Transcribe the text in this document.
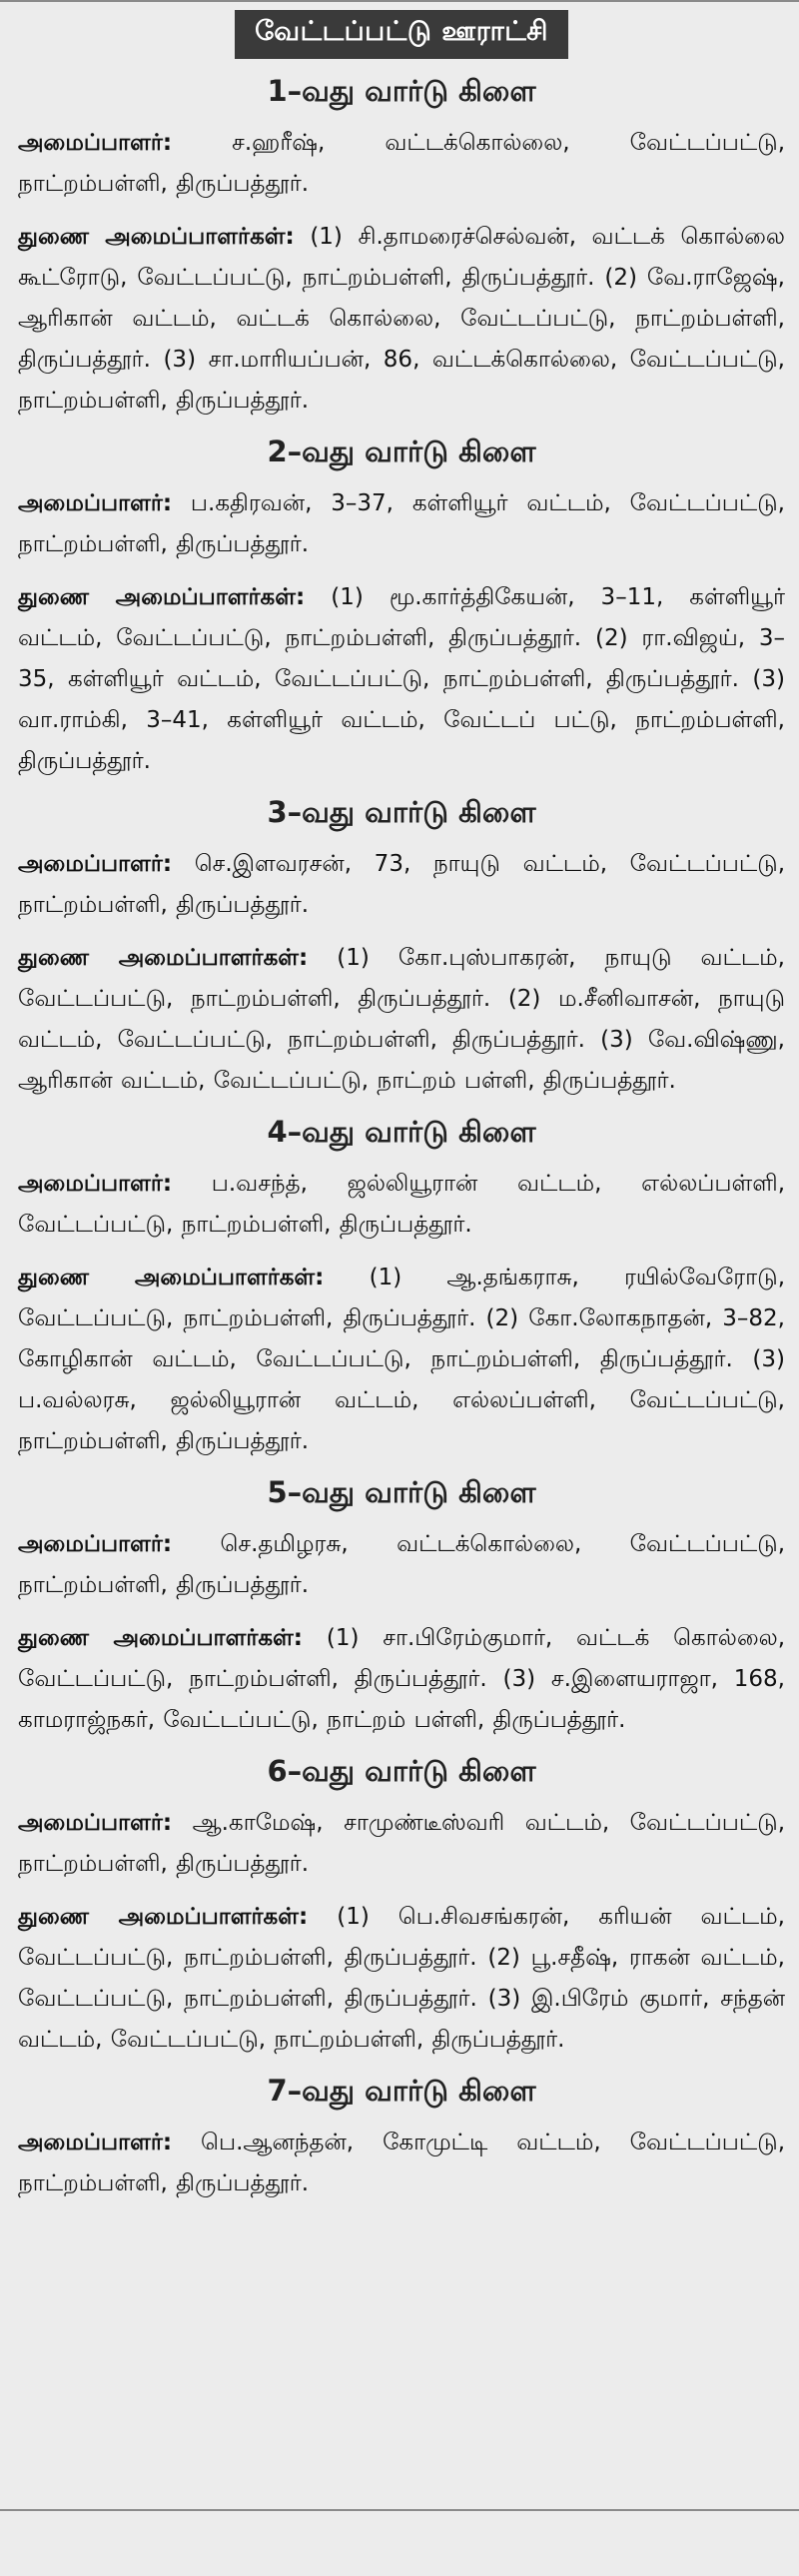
வேட்டப்பட்டு ஊராட்சி
1–வது வார்டு கிளை

அமைப்பாளர்:	ச.ஹரீஷ், வட்டக்கொல்லை, வேட்டப்பட்டு, நாட்றம்பள்ளி, திருப்பத்தூர்.

துணை அமைப்பாளர்கள்: (1) சி.தாமரைச்செல்வன், வட்டக் கொல்லை கூட்ரோடு, வேட்டப்பட்டு, நாட்றம்பள்ளி, திருப்பத்தூர். (2) வே.ராஜேஷ், ஆரிகான் வட்டம், வட்டக் கொல்லை, வேட்டப்பட்டு, நாட்றம்பள்ளி, திருப்பத்தூர். (3) சா.மாரியப்பன், 86, வட்டக்கொல்லை, வேட்டப்பட்டு, நாட்றம்பள்ளி, திருப்பத்தூர்.

2–வது வார்டு கிளை

அமைப்பாளர்: ப.கதிரவன், 3–37, கள்ளியூர் வட்டம், வேட்டப்பட்டு, நாட்றம்பள்ளி, திருப்பத்தூர்.

துணை அமைப்பாளர்கள்: (1) மூ.கார்த்திகேயன், 3–11, கள்ளியூர் வட்டம், வேட்டப்பட்டு, நாட்றம்பள்ளி, திருப்பத்தூர். (2) ரா.விஜய், 3–35, கள்ளியூர் வட்டம், வேட்டப்பட்டு, நாட்றம்பள்ளி, திருப்பத்தூர். (3) வா.ராம்கி, 3–41, கள்ளியூர் வட்டம், வேட்டப் பட்டு, நாட்றம்பள்ளி, திருப்பத்தூர்.

3–வது வார்டு கிளை

அமைப்பாளர்: செ.இளவரசன், 73, நாயுடு வட்டம், வேட்டப்பட்டு, நாட்றம்பள்ளி, திருப்பத்தூர்.

துணை அமைப்பாளர்கள்: (1) கோ.புஸ்பாகரன், நாயுடு வட்டம், வேட்டப்பட்டு, நாட்றம்பள்ளி, திருப்பத்தூர். (2) ம.சீனிவாசன், நாயுடு வட்டம், வேட்டப்பட்டு, நாட்றம்பள்ளி, திருப்பத்தூர். (3) வே.விஷ்ணு, ஆரிகான் வட்டம், வேட்டப்பட்டு, நாட்றம் பள்ளி, திருப்பத்தூர்.

4–வது வார்டு கிளை

அமைப்பாளர்: ப.வசந்த், ஜல்லியூரான் வட்டம், எல்லப்பள்ளி, வேட்டப்பட்டு, நாட்றம்பள்ளி, திருப்பத்தூர்.

துணை அமைப்பாளர்கள்: (1) ஆ.தங்கராசு, ரயில்வேரோடு, வேட்டப்பட்டு, நாட்றம்பள்ளி, திருப்பத்தூர். (2) கோ.லோகநாதன், 3–82, கோழிகான் வட்டம், வேட்டப்பட்டு, நாட்றம்பள்ளி, திருப்பத்தூர். (3) ப.வல்லரசு, ஜல்லியூரான் வட்டம், எல்லப்பள்ளி, வேட்டப்பட்டு, நாட்றம்பள்ளி, திருப்பத்தூர்.

5–வது வார்டு கிளை

அமைப்பாளர்: செ.தமிழரசு, வட்டக்கொல்லை, வேட்டப்பட்டு, நாட்றம்பள்ளி, திருப்பத்தூர்.

துணை அமைப்பாளர்கள்: (1) சா.பிரேம்குமார், வட்டக் கொல்லை, வேட்டப்பட்டு, நாட்றம்பள்ளி, திருப்பத்தூர். (3) ச.இளையராஜா, 168, காமராஜ்நகர், வேட்டப்பட்டு, நாட்றம் பள்ளி, திருப்பத்தூர்.

6–வது வார்டு கிளை

அமைப்பாளர்: ஆ.காமேஷ், சாமுண்டீஸ்வரி வட்டம், வேட்டப்பட்டு, நாட்றம்பள்ளி, திருப்பத்தூர்.

துணை அமைப்பாளர்கள்: (1) பெ.சிவசங்கரன், கரியன் வட்டம், வேட்டப்பட்டு, நாட்றம்பள்ளி, திருப்பத்தூர். (2) பூ.சதீஷ், ராகன் வட்டம், வேட்டப்பட்டு, நாட்றம்பள்ளி, திருப்பத்தூர். (3) இ.பிரேம் குமார், சந்தன் வட்டம், வேட்டப்பட்டு, நாட்றம்பள்ளி, திருப்பத்தூர்.

7–வது வார்டு கிளை

அமைப்பாளர்: பெ.ஆனந்தன், கோமுட்டி வட்டம், வேட்டப்பட்டு, நாட்றம்பள்ளி, திருப்பத்தூர்.
